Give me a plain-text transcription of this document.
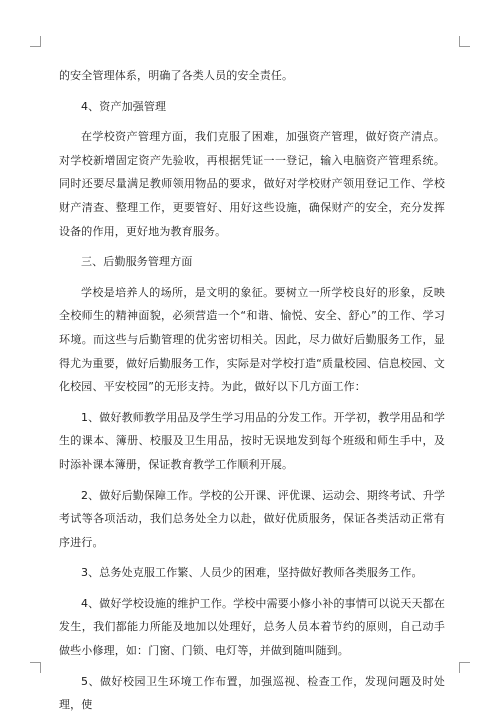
的安全管理体系，明确了各类人员的安全责任。

4、资产加强管理

在学校资产管理方面，我们克服了困难，加强资产管理，做好资产清点。对学校新增固定资产先验收，再根据凭证一一登记，输入电脑资产管理系统。同时还要尽量满足教师领用物品的要求，做好对学校财产领用登记工作、学校财产清查、整理工作，更要管好、用好这些设施，确保财产的安全，充分发挥设备的作用，更好地为教育服务。

三、后勤服务管理方面

学校是培养人的场所，是文明的象征。要树立一所学校良好的形象，反映全校师生的精神面貌，必须营造一个“和谐、愉悦、安全、舒心”的工作、学习环境。而这些与后勤管理的优劣密切相关。因此，尽力做好后勤服务工作，显得尤为重要，做好后勤服务工作，实际是对学校打造“质量校园、信息校园、文化校园、平安校园”的无形支持。为此，做好以下几方面工作：

1、做好教师教学用品及学生学习用品的分发工作。开学初，教学用品和学生的课本、簿册、校服及卫生用品，按时无误地发到每个班级和师生手中，及时添补课本簿册，保证教育教学工作顺利开展。

2、做好后勤保障工作。学校的公开课、评优课、运动会、期终考试、升学考试等各项活动，我们总务处全力以赴，做好优质服务，保证各类活动正常有序进行。

3、总务处克服工作繁、人员少的困难，坚持做好教师各类服务工作。

4、做好学校设施的维护工作。学校中需要小修小补的事情可以说天天都在发生，我们都能力所能及地加以处理好，总务人员本着节约的原则，自己动手做些小修理，如：门窗、门锁、电灯等，并做到随叫随到。

5、做好校园卫生环境工作布置，加强巡视、检查工作，发现问题及时处理，使
